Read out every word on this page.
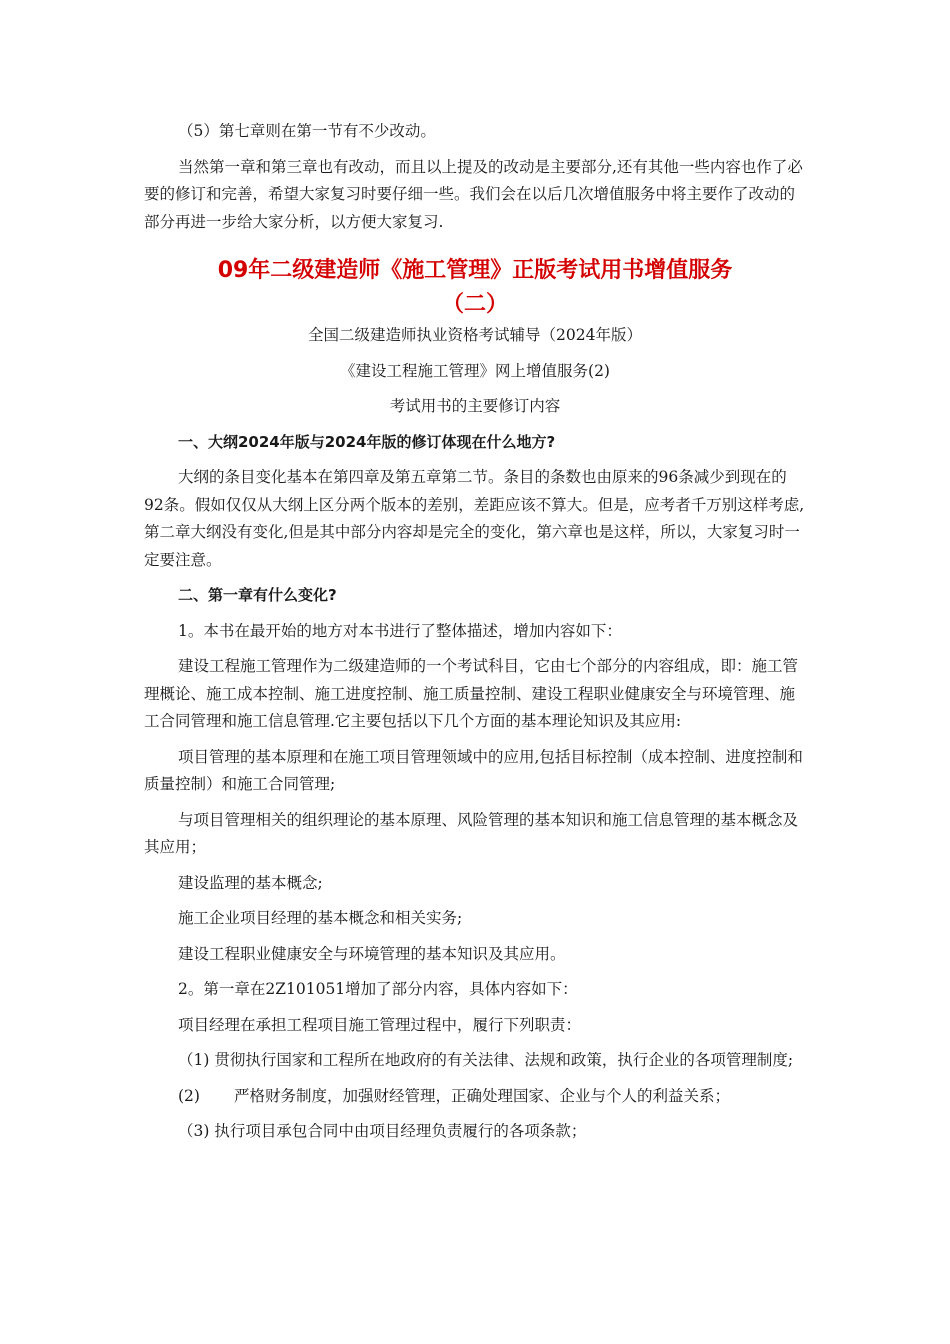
（5）第七章则在第一节有不少改动。

当然第一章和第三章也有改动，而且以上提及的改动是主要部分,还有其他一些内容也作了必要的修订和完善，希望大家复习时要仔细一些。我们会在以后几次增值服务中将主要作了改动的部分再进一步给大家分析，以方便大家复习.

09年二级建造师《施工管理》正版考试用书增值服务

（二）

全国二级建造师执业资格考试辅导（2024年版）

《建设工程施工管理》网上增值服务(2)

考试用书的主要修订内容

一、大纲2024年版与2024年版的修订体现在什么地方?

大纲的条目变化基本在第四章及第五章第二节。条目的条数也由原来的96条减少到现在的92条。假如仅仅从大纲上区分两个版本的差别，差距应该不算大。但是，应考者千万别这样考虑,第二章大纲没有变化,但是其中部分内容却是完全的变化，第六章也是这样，所以，大家复习时一定要注意。

二、第一章有什么变化?

1。本书在最开始的地方对本书进行了整体描述，增加内容如下：

建设工程施工管理作为二级建造师的一个考试科目，它由七个部分的内容组成，即：施工管理概论、施工成本控制、施工进度控制、施工质量控制、建设工程职业健康安全与环境管理、施工合同管理和施工信息管理.它主要包括以下几个方面的基本理论知识及其应用:

项目管理的基本原理和在施工项目管理领域中的应用,包括目标控制（成本控制、进度控制和质量控制）和施工合同管理;

与项目管理相关的组织理论的基本原理、风险管理的基本知识和施工信息管理的基本概念及其应用；

建设监理的基本概念;

施工企业项目经理的基本概念和相关实务;

建设工程职业健康安全与环境管理的基本知识及其应用。

2。第一章在2Z101051增加了部分内容，具体内容如下：

项目经理在承担工程项目施工管理过程中，履行下列职责：

（1) 贯彻执行国家和工程所在地政府的有关法律、法规和政策，执行企业的各项管理制度;

(2) 严格财务制度，加强财经管理，正确处理国家、企业与个人的利益关系；

（3) 执行项目承包合同中由项目经理负责履行的各项条款；
